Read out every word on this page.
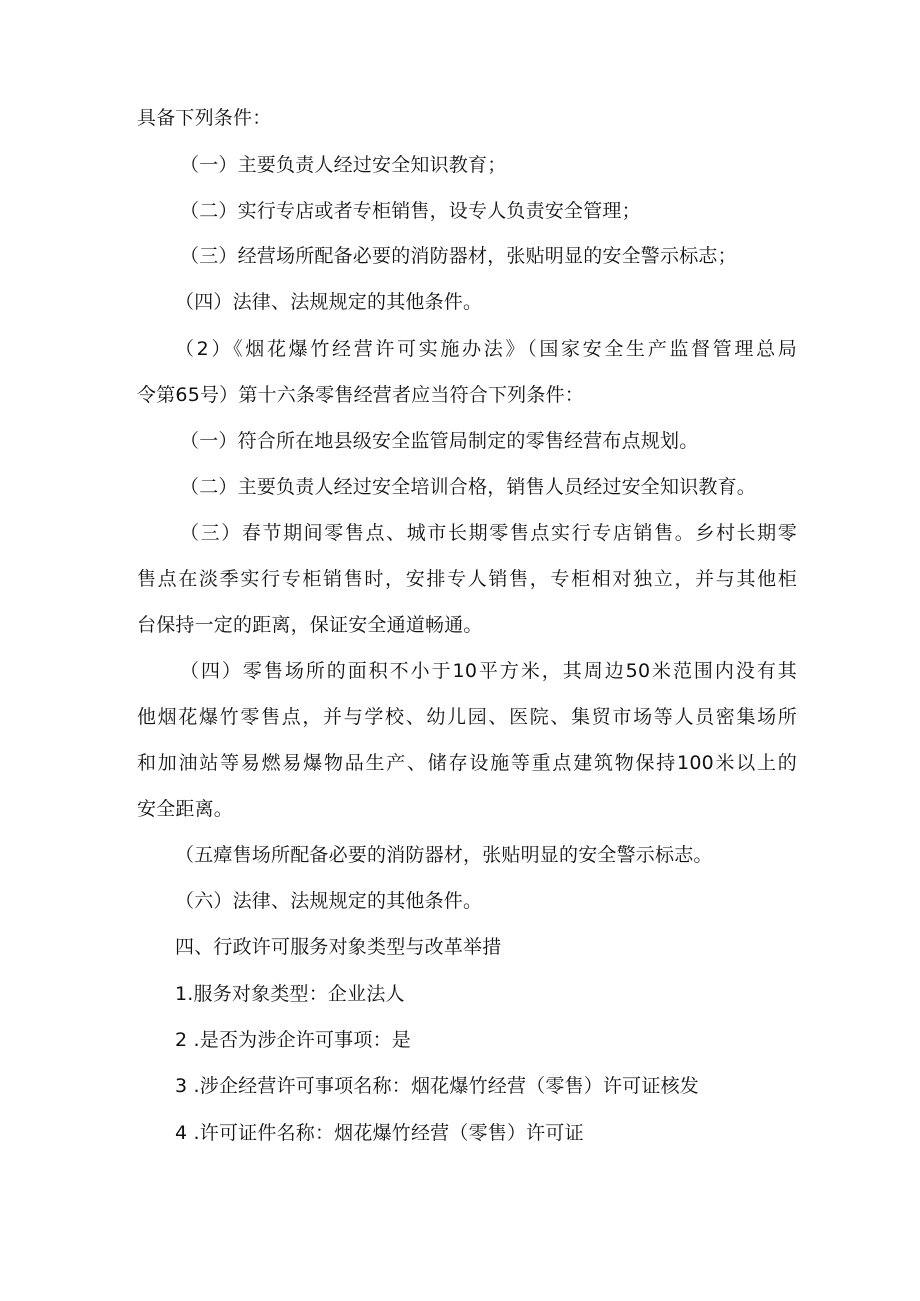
具备下列条件：
（一）主要负责人经过安全知识教育；
（二）实行专店或者专柜销售，设专人负责安全管理；
（三）经营场所配备必要的消防器材，张贴明显的安全警示标志；
（四）法律、法规规定的其他条件。
（2）《烟花爆竹经营许可实施办法》（国家安全生产监督管理总局
令第65号）第十六条零售经营者应当符合下列条件：
（一）符合所在地县级安全监管局制定的零售经营布点规划。
（二）主要负责人经过安全培训合格，销售人员经过安全知识教育。
（三）春节期间零售点、城市长期零售点实行专店销售。乡村长期零
售点在淡季实行专柜销售时，安排专人销售，专柜相对独立，并与其他柜
台保持一定的距离，保证安全通道畅通。
（四）零售场所的面积不小于10平方米，其周边50米范围内没有其
他烟花爆竹零售点，并与学校、幼儿园、医院、集贸市场等人员密集场所
和加油站等易燃易爆物品生产、储存设施等重点建筑物保持100米以上的
安全距离。
（五瘴售场所配备必要的消防器材，张贴明显的安全警示标志。
（六）法律、法规规定的其他条件。
四、行政许可服务对象类型与改革举措
1.服务对象类型：企业法人
2 .是否为涉企许可事项：是
3 .涉企经营许可事项名称：烟花爆竹经营（零售）许可证核发
4 .许可证件名称：烟花爆竹经营（零售）许可证
